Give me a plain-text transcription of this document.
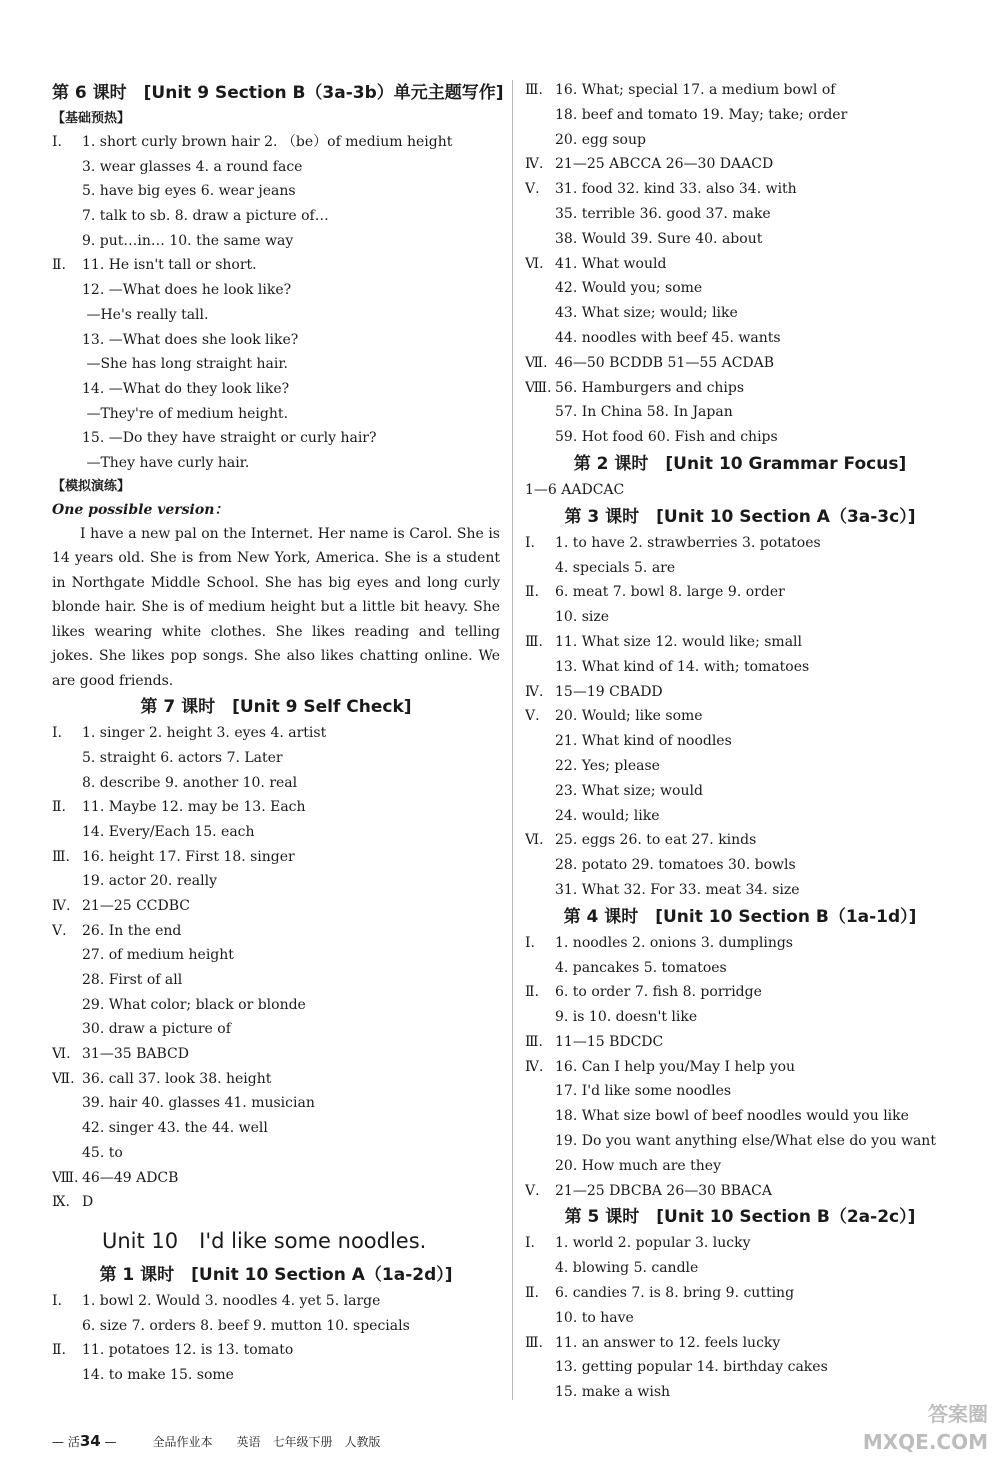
第 6 课时　[Unit 9 Section B（3a-3b）单元主题写作]
【基础预热】
Ⅰ. 1. short curly brown hair 2. （be）of medium height
3. wear glasses 4. a round face
5. have big eyes 6. wear jeans
7. talk to sb. 8. draw a picture of…
9. put…in… 10. the same way
Ⅱ. 11. He isn't tall or short.
12. —What does he look like?
—He's really tall.
13. —What does she look like?
—She has long straight hair.
14. —What do they look like?
—They're of medium height.
15. —Do they have straight or curly hair?
—They have curly hair.
【模拟演练】
One possible version：

I have a new pal on the Internet. Her name is Carol. She is 14 years old. She is from New York, America. She is a student in Northgate Middle School. She has big eyes and long curly blonde hair. She is of medium height but a little bit heavy. She likes wearing white clothes. She likes reading and telling jokes. She likes pop songs. She also likes chatting online. We are good friends.

第 7 课时　[Unit 9 Self Check]
Ⅰ. 1. singer 2. height 3. eyes 4. artist
5. straight 6. actors 7. Later
8. describe 9. another 10. real
Ⅱ. 11. Maybe 12. may be 13. Each
14. Every/Each 15. each
Ⅲ. 16. height 17. First 18. singer
19. actor 20. really
Ⅳ. 21—25 CCDBC
Ⅴ. 26. In the end
27. of medium height
28. First of all
29. What color; black or blonde
30. draw a picture of
Ⅵ. 31—35 BABCD
Ⅶ. 36. call 37. look 38. height
39. hair 40. glasses 41. musician
42. singer 43. the 44. well
45. to
Ⅷ. 46—49 ADCB
Ⅸ. D
Unit 10　I'd like some noodles.
第 1 课时　[Unit 10 Section A（1a-2d）]
Ⅰ. 1. bowl 2. Would 3. noodles 4. yet 5. large
6. size 7. orders 8. beef 9. mutton 10. specials
Ⅱ. 11. potatoes 12. is 13. tomato
14. to make 15. some
Ⅲ. 16. What; special 17. a medium bowl of
18. beef and tomato 19. May; take; order
20. egg soup
Ⅳ. 21—25 ABCCA 26—30 DAACD
Ⅴ. 31. food 32. kind 33. also 34. with
35. terrible 36. good 37. make
38. Would 39. Sure 40. about
Ⅵ. 41. What would
42. Would you; some
43. What size; would; like
44. noodles with beef 45. wants
Ⅶ. 46—50 BCDDB 51—55 ACDAB
Ⅷ. 56. Hamburgers and chips
57. In China 58. In Japan
59. Hot food 60. Fish and chips
第 2 课时　[Unit 10 Grammar Focus]
1—6 AADCAC
第 3 课时　[Unit 10 Section A（3a-3c）]
Ⅰ. 1. to have 2. strawberries 3. potatoes
4. specials 5. are
Ⅱ. 6. meat 7. bowl 8. large 9. order
10. size
Ⅲ. 11. What size 12. would like; small
13. What kind of 14. with; tomatoes
Ⅳ. 15—19 CBADD
Ⅴ. 20. Would; like some
21. What kind of noodles
22. Yes; please
23. What size; would
24. would; like
Ⅵ. 25. eggs 26. to eat 27. kinds
28. potato 29. tomatoes 30. bowls
31. What 32. For 33. meat 34. size
第 4 课时　[Unit 10 Section B（1a-1d）]
Ⅰ. 1. noodles 2. onions 3. dumplings
4. pancakes 5. tomatoes
Ⅱ. 6. to order 7. fish 8. porridge
9. is 10. doesn't like
Ⅲ. 11—15 BDCDC
Ⅳ. 16. Can I help you/May I help you
17. I'd like some noodles
18. What size bowl of beef noodles would you like
19. Do you want anything else/What else do you want
20. How much are they
Ⅴ. 21—25 DBCBA 26—30 BBACA
第 5 课时　[Unit 10 Section B（2a-2c）]
Ⅰ. 1. world 2. popular 3. lucky
4. blowing 5. candle
Ⅱ. 6. candies 7. is 8. bring 9. cutting
10. to have
Ⅲ. 11. an answer to 12. feels lucky
13. getting popular 14. birthday cakes
15. make a wish
— 活34 —　　　全品作业本　　英语　七年级下册　人教版
答案圈
MXQE.COM
